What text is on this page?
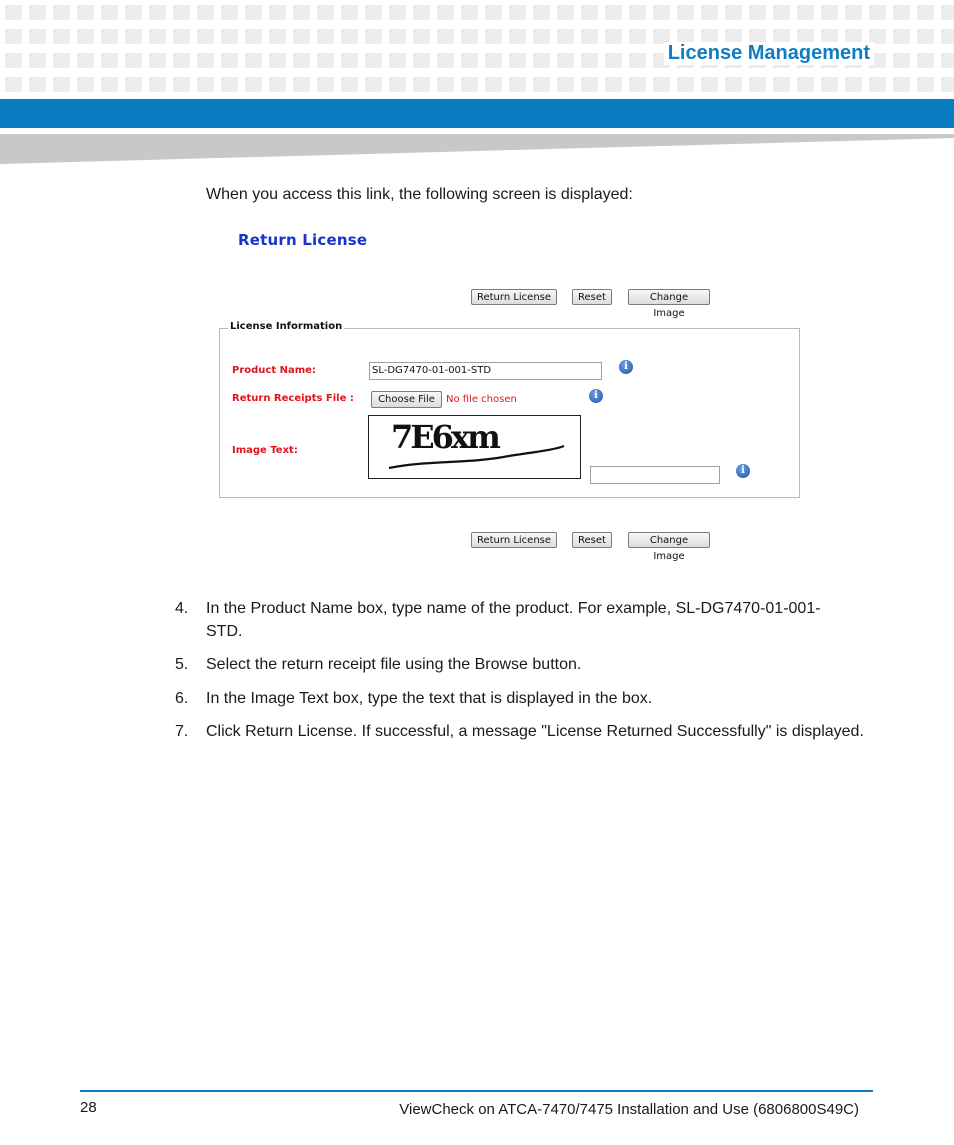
License Management
When you access this link, the following screen is displayed:
Return License
Return License	Reset	Change Image
License Information
Product Name:	SL-DG7470-01-001-STD	i
Return Receipts File :	Choose File	No file chosen	i
Image Text:	7E6xm
i
Return License	Reset	Change Image
4. In the Product Name box, type name of the product. For example, SL-DG7470-01-001-
STD.
5. Select the return receipt file using the Browse button.
6. In the Image Text box, type the text that is displayed in the box.
7. Click Return License. If successful, a message "License Returned Successfully" is displayed.
28	ViewCheck on ATCA-7470/7475 Installation and Use (6806800S49C)
